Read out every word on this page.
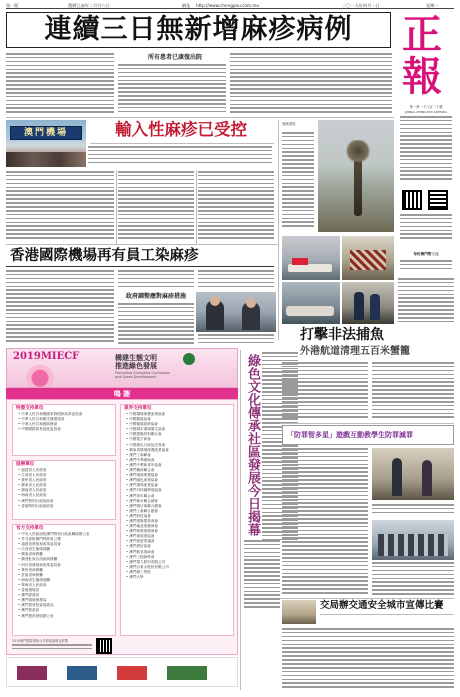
第一版	農曆己亥年二月廿六日	網址 http://www.chengpou.com.mo	二〇一九年四月一日	星期一
連續三日無新增麻疹病例	正
報
第一萬一千八百二十號
JORNAL CHENG POU LIMITADA
每份澳門幣三元
所有患者已康復出院
澳門機場	輸入性麻疹已受控	漁港環境
打擊非法捕魚
外港航道清理五百米蟹籠
香港國際機場再有員工染麻疹
政府調整應對麻疹措施
2019MIECF	構建生態文明
推進綠色發展
Promoting Ecological Civilization
and Green Development
鳴 謝
特邀支持單位
• 中華人民共和國國家發展和改革委員會
• 中華人民共和國生態環境部
• 中華人民共和國商務部
• 中國國際貿易促進委員會
協辦單位
• 福建省人民政府
• 江西省人民政府
• 貴州省人民政府
• 廣東省人民政府
• 湖南省人民政府
• 海南省人民政府
• 澳門特別行政區政府
• 香港特別行政區政府
官方支持單位
• 中央人民政府駐澳門特別行政區聯絡辦公室
• 外交部駐澳門特派員公署
• 福建省發展和改革委員會
• 江西省生態環境廳
• 廣東省商務廳
• 廣西壯族自治區商務廳
• 四川省發展和改革委員會
• 貴州省商務廳
• 雲南省商務廳
• 海南省生態環境廳
• 珠海市人民政府
• 香港環境局
• 澳門經濟局
• 澳門環境保護局
• 澳門貿易投資促進局
• 澳門旅遊局
• 澳門建設發展辦公室
業界支持單位
• 中國環境保護產業協會
• 中國節能協會
• 中國循環經濟協會
• 中國城市環境衛生協會
• 中國建築材料聯合會
• 中國電子商會
• 中國進出口商品交易會
• 廣東省環境保護產業協會
• 澳門工商聯會
• 澳門中華總商會
• 澳門中華新青年協會
• 澳門廠商聯合會
• 澳門環境保護協會
• 澳門綠色產業協會
• 澳門環保產業協會
• 澳門可持續發展協會
• 澳門青年聯合會
• 澳門婦女聯合總會
• 澳門街坊會聯合總會
• 澳門工會聯合總會
• 澳門科技協會
• 澳門建築置業商會
• 澳門地產業總商會
• 澳門物業管理商會
• 澳門會展業協會
• 澳門旅遊業議會
• 澳門酒店協會
• 澳門飲食業商會
• 澳門工程師學會
• 澳門電力股份有限公司
• 澳門自來水股份有限公司
• 澳門理工學院
• 澳門大學
2019澳門國際環保合作發展論壇及展覽
綠色文化傳承社區發展今日揭幕	「防罪智多星」遊戲互動教學生防罪減罪
交局辦交通安全城市宣傳比賽
